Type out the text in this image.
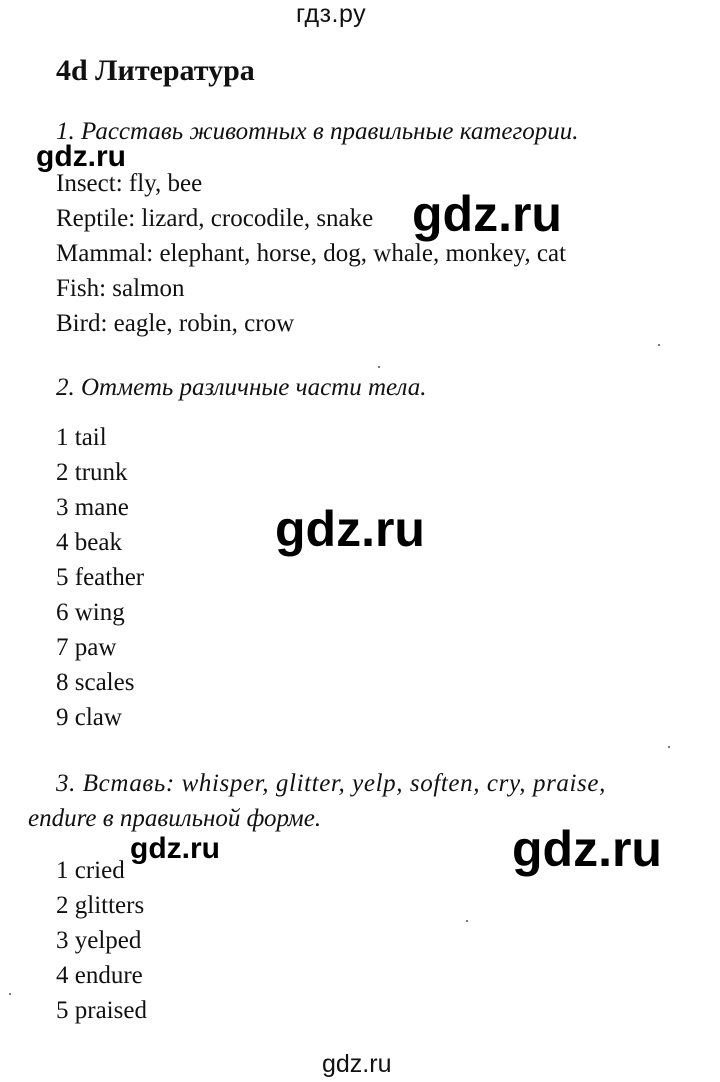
гдз.ру
4d Литература
1. Расставь животных в правильные категории.
Insect: fly, bee
Reptile: lizard, crocodile, snake
Mammal: elephant, horse, dog, whale, monkey, cat
Fish: salmon
Bird: eagle, robin, crow
2. Отметь различные части тела.
1 tail
2 trunk
3 mane
4 beak
5 feather
6 wing
7 paw
8 scales
9 claw
3. Вставь: whisper, glitter, yelp, soften, cry, praise,
endure в правильной форме.
1 cried
2 glitters
3 yelped
4 endure
5 praised
gdz.ru
gdz.ru
gdz.ru
gdz.ru	gdz.ru
gdz.ru
